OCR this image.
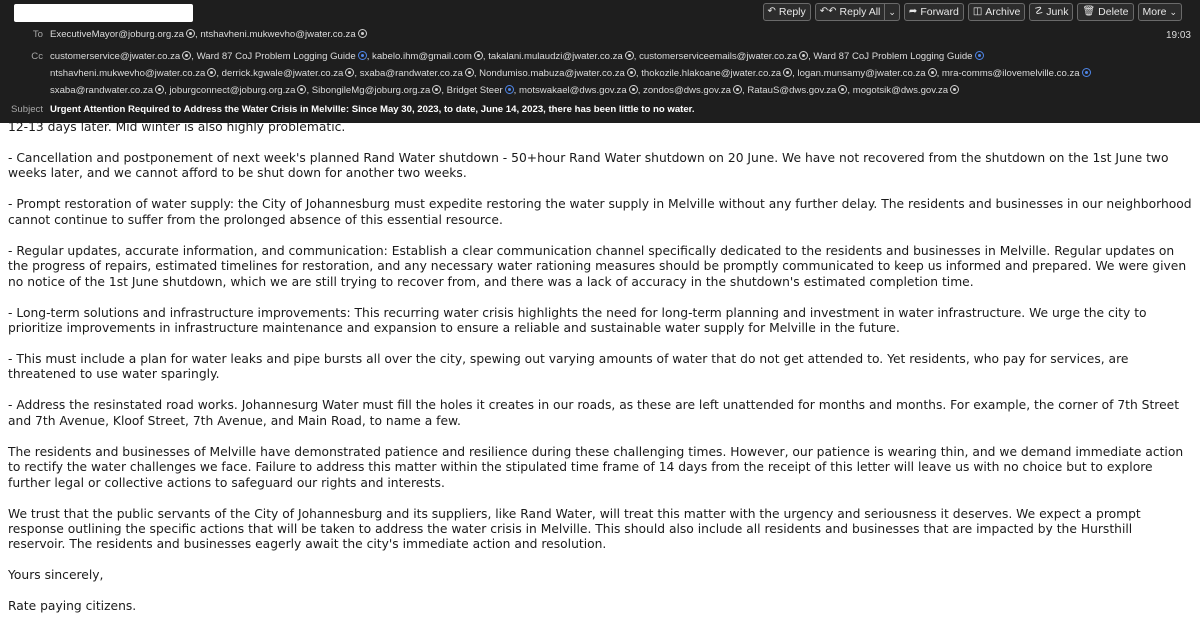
↶ Reply ↶↶ Reply All ⌄ ➦ Forward ◫ Archive ☡ Junk 🗑 Delete More ⌄
To ExecutiveMayor@joburg.org.za , ntshavheni.mukwevho@jwater.co.za	19:03
Cc customerservice@jwater.co.za , Ward 87 CoJ Problem Logging Guide , kabelo.ihm@gmail.com , takalani.mulaudzi@jwater.co.za , customerserviceemails@jwater.co.za , Ward 87 CoJ Problem Logging Guide
ntshavheni.mukwevho@jwater.co.za , derrick.kgwale@jwater.co.za , sxaba@randwater.co.za , Nondumiso.mabuza@jwater.co.za , thokozile.hlakoane@jwater.co.za , logan.munsamy@jwater.co.za , mra-comms@ilovemelville.co.za
sxaba@randwater.co.za , joburgconnect@joburg.org.za , SibongileMg@joburg.org.za , Bridget Steer , motswakael@dws.gov.za , zondos@dws.gov.za , RatauS@dws.gov.za , mogotsik@dws.gov.za
Subject Urgent Attention Required to Address the Water Crisis in Melville: Since May 30, 2023, to date, June 14, 2023, there has been little to no water.

12-13 days later. Mid winter is also highly problematic.

- Cancellation and postponement of next week's planned Rand Water shutdown - 50+hour Rand Water shutdown on 20 June. We have not recovered from the shutdown on the 1st June two weeks later, and we cannot afford to be shut down for another two weeks.

- Prompt restoration of water supply: the City of Johannesburg must expedite restoring the water supply in Melville without any further delay. The residents and businesses in our neighborhood cannot continue to suffer from the prolonged absence of this essential resource.

- Regular updates, accurate information, and communication: Establish a clear communication channel specifically dedicated to the residents and businesses in Melville. Regular updates on the progress of repairs, estimated timelines for restoration, and any necessary water rationing measures should be promptly communicated to keep us informed and prepared. We were given no notice of the 1st June shutdown, which we are still trying to recover from, and there was a lack of accuracy in the shutdown's estimated completion time.

- Long-term solutions and infrastructure improvements: This recurring water crisis highlights the need for long-term planning and investment in water infrastructure. We urge the city to prioritize improvements in infrastructure maintenance and expansion to ensure a reliable and sustainable water supply for Melville in the future.

- This must include a plan for water leaks and pipe bursts all over the city, spewing out varying amounts of water that do not get attended to. Yet residents, who pay for services, are threatened to use water sparingly.

- Address the resinstated road works. Johannesurg Water must fill the holes it creates in our roads, as these are left unattended for months and months. For example, the corner of 7th Street and 7th Avenue, Kloof Street, 7th Avenue, and Main Road, to name a few.

The residents and businesses of Melville have demonstrated patience and resilience during these challenging times. However, our patience is wearing thin, and we demand immediate action to rectify the water challenges we face. Failure to address this matter within the stipulated time frame of 14 days from the receipt of this letter will leave us with no choice but to explore further legal or collective actions to safeguard our rights and interests.

We trust that the public servants of the City of Johannesburg and its suppliers, like Rand Water, will treat this matter with the urgency and seriousness it deserves. We expect a prompt response outlining the specific actions that will be taken to address the water crisis in Melville. This should also include all residents and businesses that are impacted by the Hursthill reservoir. The residents and businesses eagerly await the city's immediate action and resolution.

Yours sincerely,

Rate paying citizens.
